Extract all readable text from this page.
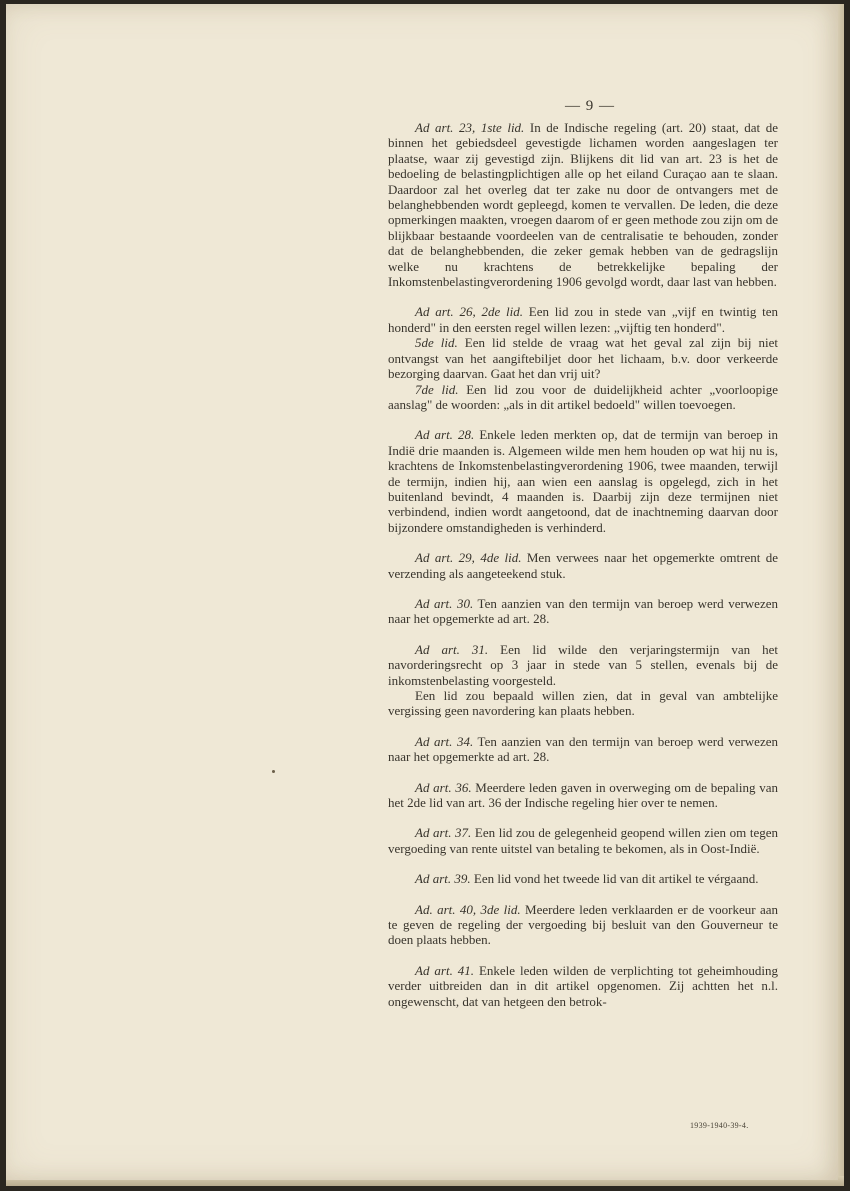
— 9 —

Ad art. 23, 1ste lid. In de Indische regeling (art. 20) staat, dat de binnen het gebiedsdeel gevestigde lichamen worden aangeslagen ter plaatse, waar zij gevestigd zijn. Blijkens dit lid van art. 23 is het de bedoeling de belastingplichtigen alle op het eiland Curaçao aan te slaan. Daardoor zal het overleg dat ter zake nu door de ontvangers met de belanghebbenden wordt gepleegd, komen te vervallen. De leden, die deze opmerkingen maakten, vroegen daarom of er geen methode zou zijn om de blijkbaar bestaande voordeelen van de centralisatie te behouden, zonder dat de belanghebbenden, die zeker gemak hebben van de gedragslijn welke nu krachtens de betrekkelijke bepaling der Inkomstenbelastingverordening 1906 gevolgd wordt, daar last van hebben.

Ad art. 26, 2de lid. Een lid zou in stede van „vijf en twintig ten honderd" in den eersten regel willen lezen: „vijftig ten honderd".

5de lid. Een lid stelde de vraag wat het geval zal zijn bij niet ontvangst van het aangiftebiljet door het lichaam, b.v. door verkeerde bezorging daarvan. Gaat het dan vrij uit?

7de lid. Een lid zou voor de duidelijkheid achter „voorloopige aanslag" de woorden: „als in dit artikel bedoeld" willen toevoegen.

Ad art. 28. Enkele leden merkten op, dat de termijn van beroep in Indië drie maanden is. Algemeen wilde men hem houden op wat hij nu is, krachtens de Inkomstenbelastingverordening 1906, twee maanden, terwijl de termijn, indien hij, aan wien een aanslag is opgelegd, zich in het buitenland bevindt, 4 maanden is. Daarbij zijn deze termijnen niet verbindend, indien wordt aangetoond, dat de inachtneming daarvan door bijzondere omstandigheden is verhinderd.

Ad art. 29, 4de lid. Men verwees naar het opgemerkte omtrent de verzending als aangeteekend stuk.

Ad art. 30. Ten aanzien van den termijn van beroep werd verwezen naar het opgemerkte ad art. 28.

Ad art. 31. Een lid wilde den verjaringstermijn van het navorderingsrecht op 3 jaar in stede van 5 stellen, evenals bij de inkomstenbelasting voorgesteld.

Een lid zou bepaald willen zien, dat in geval van ambtelijke vergissing geen navordering kan plaats hebben.

Ad art. 34. Ten aanzien van den termijn van beroep werd verwezen naar het opgemerkte ad art. 28.

Ad art. 36. Meerdere leden gaven in overweging om de bepaling van het 2de lid van art. 36 der Indische regeling hier over te nemen.

Ad art. 37. Een lid zou de gelegenheid geopend willen zien om tegen vergoeding van rente uitstel van betaling te bekomen, als in Oost-Indië.

Ad art. 39. Een lid vond het tweede lid van dit artikel te vérgaand.

Ad. art. 40, 3de lid. Meerdere leden verklaarden er de voorkeur aan te geven de regeling der vergoeding bij besluit van den Gouverneur te doen plaats hebben.

Ad art. 41. Enkele leden wilden de verplichting tot geheimhouding verder uitbreiden dan in dit artikel opgenomen. Zij achtten het n.l. ongewenscht, dat van hetgeen den betrok-

1939-1940-39-4.
